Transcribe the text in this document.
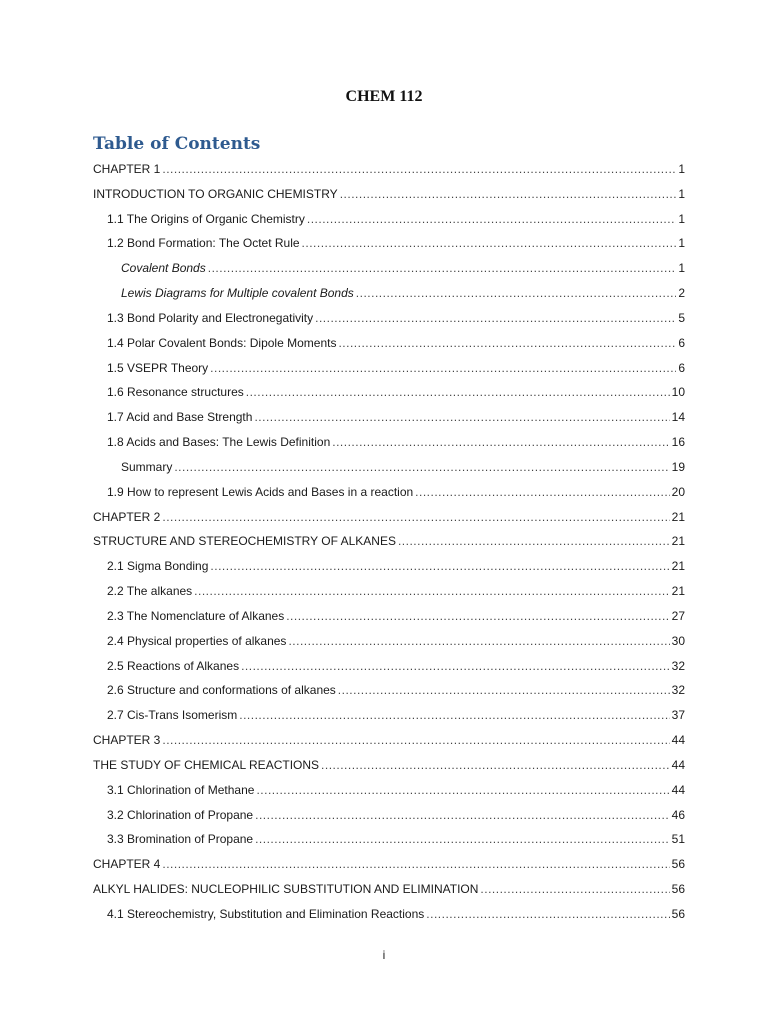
CHEM 112
Table of Contents
CHAPTER 1 .....	1
INTRODUCTION TO ORGANIC CHEMISTRY .....	1
1.1 The Origins of Organic Chemistry .....	1
1.2 Bond Formation: The Octet Rule .....	1
Covalent Bonds .....	1
Lewis Diagrams for Multiple covalent Bonds .....	2
1.3 Bond Polarity and Electronegativity .....	5
1.4 Polar Covalent Bonds: Dipole Moments .....	6
1.5 VSEPR Theory .....	6
1.6 Resonance structures .....	10
1.7 Acid and Base Strength .....	14
1.8 Acids and Bases: The Lewis Definition .....	16
Summary .....	19
1.9 How to represent Lewis Acids and Bases in a reaction .....	20
CHAPTER 2 .....	21
STRUCTURE AND STEREOCHEMISTRY OF ALKANES .....	21
2.1 Sigma Bonding .....	21
2.2 The alkanes .....	21
2.3 The Nomenclature of Alkanes .....	27
2.4 Physical properties of alkanes .....	30
2.5 Reactions of Alkanes .....	32
2.6 Structure and conformations of alkanes .....	32
2.7 Cis-Trans Isomerism .....	37
CHAPTER 3 .....	44
THE STUDY OF CHEMICAL REACTIONS .....	44
3.1 Chlorination of Methane .....	44
3.2 Chlorination of Propane .....	46
3.3 Bromination of Propane .....	51
CHAPTER 4 .....	56
ALKYL HALIDES: NUCLEOPHILIC SUBSTITUTION AND ELIMINATION .....	56
4.1 Stereochemistry, Substitution and Elimination Reactions .....	56
i
